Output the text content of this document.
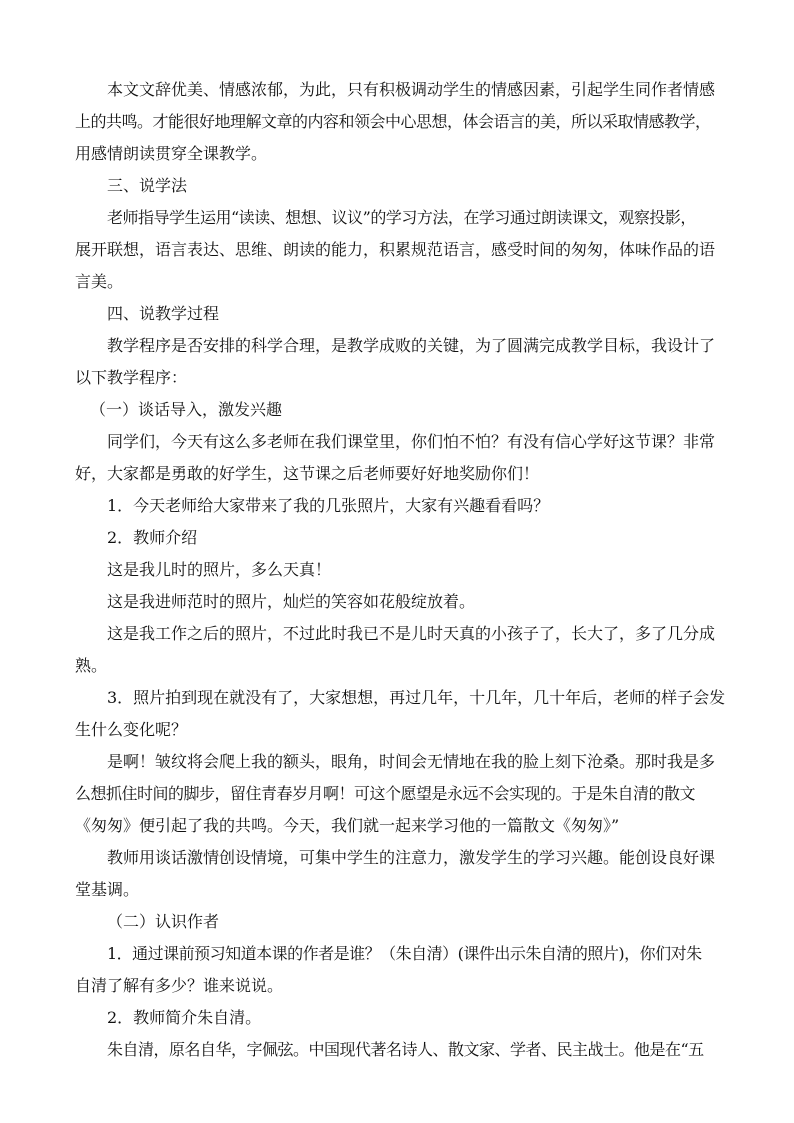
本文文辞优美、情感浓郁，为此，只有积极调动学生的情感因素，引起学生同作者情感
上的共鸣。才能很好地理解文章的内容和领会中心思想，体会语言的美，所以采取情感教学，
用感情朗读贯穿全课教学。
三、说学法
老师指导学生运用“读读、想想、议议”的学习方法，在学习通过朗读课文，观察投影，
展开联想，语言表达、思维、朗读的能力，积累规范语言，感受时间的匆匆，体味作品的语
言美。
四、说教学过程
教学程序是否安排的科学合理，是教学成败的关键，为了圆满完成教学目标，我设计了
以下教学程序：
（一）谈话导入，激发兴趣
同学们，今天有这么多老师在我们课堂里，你们怕不怕？有没有信心学好这节课？非常
好，大家都是勇敢的好学生，这节课之后老师要好好地奖励你们！
1．今天老师给大家带来了我的几张照片，大家有兴趣看看吗？
2．教师介绍
这是我儿时的照片，多么天真！
这是我进师范时的照片，灿烂的笑容如花般绽放着。
这是我工作之后的照片，不过此时我已不是儿时天真的小孩子了，长大了，多了几分成
熟。
3．照片拍到现在就没有了，大家想想，再过几年，十几年，几十年后，老师的样子会发
生什么变化呢？
是啊！皱纹将会爬上我的额头，眼角，时间会无情地在我的脸上刻下沧桑。那时我是多
么想抓住时间的脚步，留住青春岁月啊！可这个愿望是永远不会实现的。于是朱自清的散文
《匆匆》便引起了我的共鸣。今天，我们就一起来学习他的一篇散文《匆匆》”
教师用谈话激情创设情境，可集中学生的注意力，激发学生的学习兴趣。能创设良好课
堂基调。
（二）认识作者
1．通过课前预习知道本课的作者是谁？（朱自清）(课件出示朱自清的照片)，你们对朱
自清了解有多少？谁来说说。
2．教师简介朱自清。
朱自清，原名自华，字佩弦。中国现代著名诗人、散文家、学者、民主战士。他是在“五
